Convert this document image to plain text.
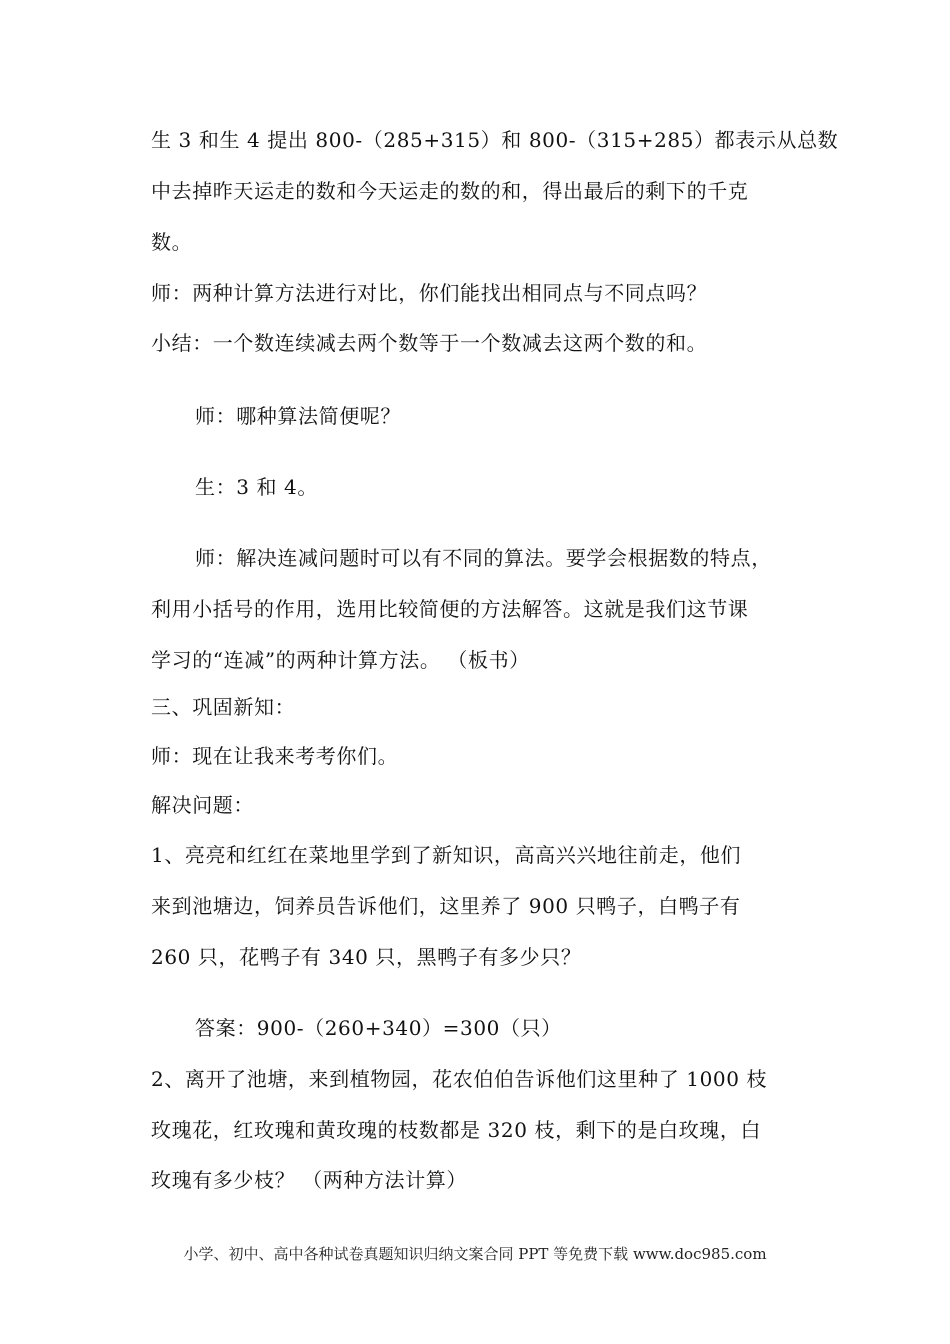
生 3 和生 4 提出 800-（285+315）和 800-（315+285）都表示从总数
中去掉昨天运走的数和今天运走的数的和，得出最后的剩下的千克
数。
师：两种计算方法进行对比，你们能找出相同点与不同点吗？
小结：一个数连续减去两个数等于一个数减去这两个数的和。
师：哪种算法简便呢？
生：3 和 4。
师：解决连减问题时可以有不同的算法。要学会根据数的特点，
利用小括号的作用，选用比较简便的方法解答。这就是我们这节课
学习的“连减”的两种计算方法。 （板书）
三、巩固新知：
师：现在让我来考考你们。
解决问题：
1、亮亮和红红在菜地里学到了新知识，高高兴兴地往前走，他们
来到池塘边，饲养员告诉他们，这里养了 900 只鸭子，白鸭子有
260 只，花鸭子有 340 只，黑鸭子有多少只？
答案：900-（260+340）=300（只）
2、离开了池塘，来到植物园，花农伯伯告诉他们这里种了 1000 枝
玫瑰花，红玫瑰和黄玫瑰的枝数都是 320 枝，剩下的是白玫瑰，白
玫瑰有多少枝？ （两种方法计算）
小学、初中、高中各种试卷真题知识归纳文案合同 PPT 等免费下载 www.doc985.com
